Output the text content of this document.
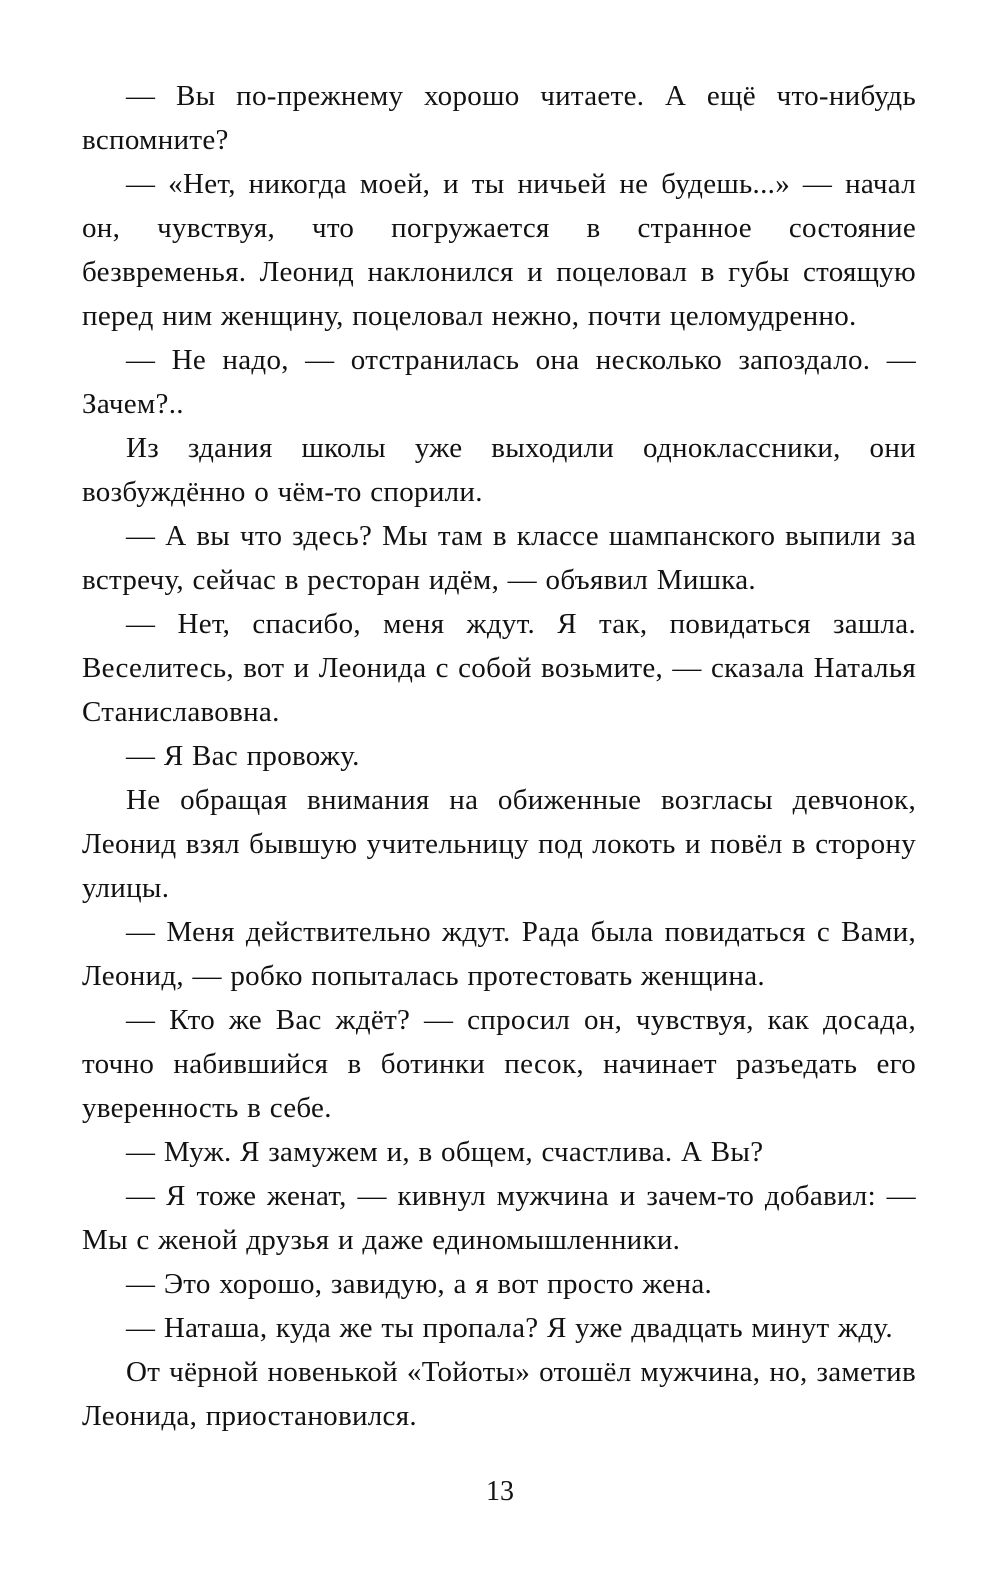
— Вы по-прежнему хорошо читаете. А ещё что-нибудь вспомните?

— «Нет, никогда моей, и ты ничьей не будешь...» — начал он, чувствуя, что погружается в странное состояние безвременья. Леонид наклонился и поцеловал в губы стоящую перед ним женщину, поцеловал нежно, почти целомудренно.

— Не надо, — отстранилась она несколько запоздало. — Зачем?..

Из здания школы уже выходили одноклассники, они возбуждённо о чём-то спорили.

— А вы что здесь? Мы там в классе шампанского выпили за встречу, сейчас в ресторан идём, — объявил Мишка.

— Нет, спасибо, меня ждут. Я так, повидаться зашла. Веселитесь, вот и Леонида с собой возьмите, — сказала Наталья Станиславовна.

— Я Вас провожу.

Не обращая внимания на обиженные возгласы девчонок, Леонид взял бывшую учительницу под локоть и повёл в сторону улицы.

— Меня действительно ждут. Рада была повидаться с Вами, Леонид, — робко попыталась протестовать женщина.

— Кто же Вас ждёт? — спросил он, чувствуя, как досада, точно набившийся в ботинки песок, начинает разъедать его уверенность в себе.

— Муж. Я замужем и, в общем, счастлива. А Вы?

— Я тоже женат, — кивнул мужчина и зачем-то добавил: — Мы с женой друзья и даже единомышленники.

— Это хорошо, завидую, а я вот просто жена.

— Наташа, куда же ты пропала? Я уже двадцать минут жду.

От чёрной новенькой «Тойоты» отошёл мужчина, но, заметив Леонида, приостановился.

13
